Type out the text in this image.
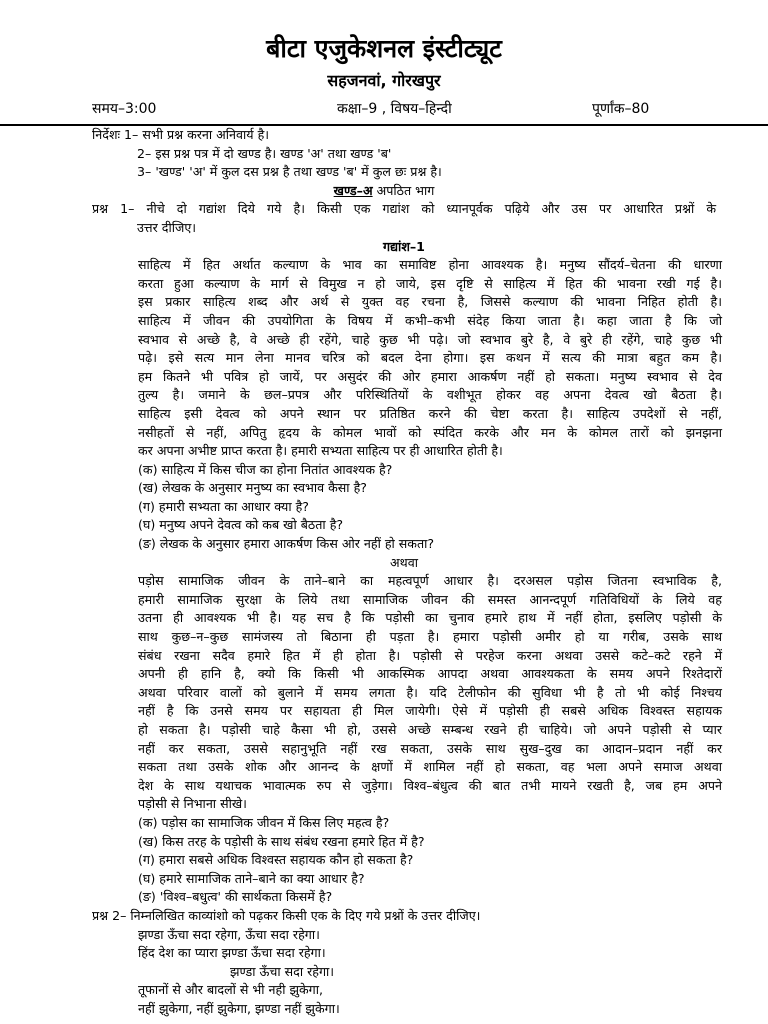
बीटा एजुकेशनल इंस्टीट्यूट
सहजनवां, गोरखपुर
समय–3:00	कक्षा–9 , विषय–हिन्दी	पूर्णांक–80
निर्देशः 1– सभी प्रश्न करना अनिवार्य है।
2– इस प्रश्न पत्र में दो खण्ड है। खण्ड 'अ' तथा खण्ड 'ब'
3– 'खण्ड' 'अ' में कुल दस प्रश्न है तथा खण्ड 'ब' में कुल छः प्रश्न है।
खण्ड–अ अपठित भाग
प्रश्न 1– नीचे दो गद्यांश दिये गये है। किसी एक गद्यांश को ध्यानपूर्वक पढ़िये और उस पर आधारित प्रश्नों के
उत्तर दीजिए।
गद्यांश–1
साहित्य में हित अर्थात कल्याण के भाव का समाविष्ट होना आवश्यक है। मनुष्य सौंदर्य–चेतना की धारणा
करता हुआ कल्याण के मार्ग से विमुख न हो जाये, इस दृष्टि से साहित्य में हित की भावना रखी गई है।
इस प्रकार साहित्य शब्द और अर्थ से युक्त वह रचना है, जिससे कल्याण की भावना निहित होती है।
साहित्य में जीवन की उपयोगिता के विषय में कभी–कभी संदेह किया जाता है। कहा जाता है कि जो
स्वभाव से अच्छे है, वे अच्छे ही रहेंगे, चाहे कुछ भी पढ़े। जो स्वभाव बुरे है, वे बुरे ही रहेंगे, चाहे कुछ भी
पढ़े। इसे सत्य मान लेना मानव चरित्र को बदल देना होगा। इस कथन में सत्य की मात्रा बहुत कम है।
हम कितने भी पवित्र हो जायें, पर असुदंर की ओर हमारा आकर्षण नहीं हो सकता। मनुष्य स्वभाव से देव
तुल्य है। जमाने के छल–प्रपत्र और परिस्थितियों के वशीभूत होकर वह अपना देवत्व खो बैठता है।
साहित्य इसी देवत्व को अपने स्थान पर प्रतिष्ठित करने की चेष्टा करता है। साहित्य उपदेशों से नहीं,
नसीहतों से नहीं, अपितु हृदय के कोमल भावों को स्पंदित करके और मन के कोमल तारों को झनझना
कर अपना अभीष्ट प्राप्त करता है। हमारी सभ्यता साहित्य पर ही आधारित होती है।
(क) साहित्य में किस चीज का होना नितांत आवश्यक है?
(ख) लेखक के अनुसार मनुष्य का स्वभाव कैसा है?
(ग) हमारी सभ्यता का आधार क्या है?
(घ) मनुष्य अपने देवत्व को कब खो बैठता है?
(ङ) लेखक के अनुसार हमारा आकर्षण किस ओर नहीं हो सकता?
अथवा
पड़ोस सामाजिक जीवन के ताने–बाने का महत्वपूर्ण आधार है। दरअसल पड़ोस जितना स्वभाविक है,
हमारी सामाजिक सुरक्षा के लिये तथा सामाजिक जीवन की समस्त आनन्दपूर्ण गतिविधियों के लिये वह
उतना ही आवश्यक भी है। यह सच है कि पड़ोसी का चुनाव हमारे हाथ में नहीं होता, इसलिए पड़ोसी के
साथ कुछ–न–कुछ सामंजस्य तो बिठाना ही पड़ता है। हमारा पड़ोसी अमीर हो या गरीब, उसके साथ
संबंध रखना सदैव हमारे हित में ही होता है। पड़ोसी से परहेज करना अथवा उससे कटे–कटे रहने में
अपनी ही हानि है, क्यो कि किसी भी आकस्मिक आपदा अथवा आवश्यकता के समय अपने रिश्तेदारों
अथवा परिवार वालों को बुलाने में समय लगता है। यदि टेलीफोन की सुविधा भी है तो भी कोई निश्चय
नहीं है कि उनसे समय पर सहायता ही मिल जायेगी। ऐसे में पड़ोसी ही सबसे अधिक विश्वस्त सहायक
हो सकता है। पड़ोसी चाहे कैसा भी हो, उससे अच्छे सम्बन्ध रखने ही चाहिये। जो अपने पड़ोसी से प्यार
नहीं कर सकता, उससे सहानुभूति नहीं रख सकता, उसके साथ सुख–दुख का आदान–प्रदान नहीं कर
सकता तथा उसके शोक और आनन्द के क्षणों में शामिल नहीं हो सकता, वह भला अपने समाज अथवा
देश के साथ यथाचक भावात्मक रुप से जुड़ेगा। विश्व–बंधुत्व की बात तभी मायने रखती है, जब हम अपने
पड़ोसी से निभाना सीखे।
(क) पड़ोस का सामाजिक जीवन में किस लिए महत्व है?
(ख) किस तरह के पड़ोसी के साथ संबंध रखना हमारे हित में है?
(ग) हमारा सबसे अधिक विश्वस्त सहायक कौन हो सकता है?
(घ) हमारे सामाजिक ताने–बाने का क्या आधार है?
(ङ) 'विश्व–बधुत्व' की सार्थकता किसमें है?
प्रश्न 2– निम्नलिखित काव्यांशो को पढ़कर किसी एक के दिए गये प्रश्नों के उत्तर दीजिए।
झण्डा ऊँचा सदा रहेगा, ऊँचा सदा रहेगा।
हिंद देश का प्यारा झण्डा ऊँचा सदा रहेगा।
झण्डा ऊँचा सदा रहेगा।
तूफानों से और बादलों से भी नही झुकेगा,
नहीं झुकेगा, नहीं झुकेगा, झण्डा नहीं झुकेगा।
